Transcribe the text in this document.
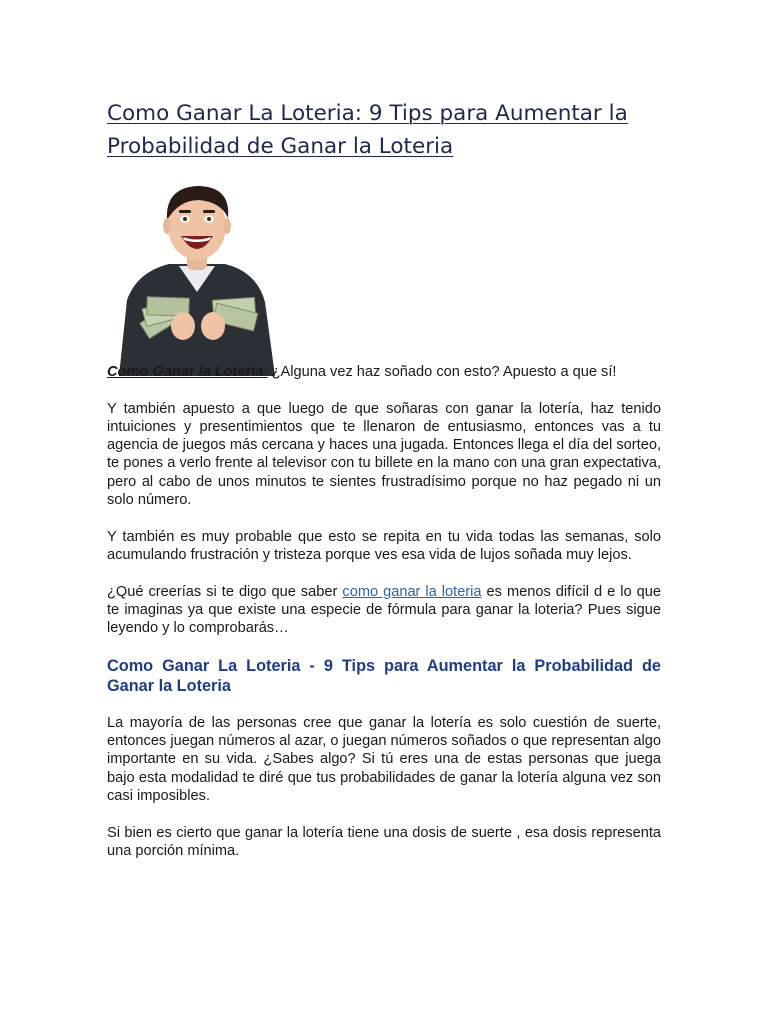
Como Ganar La Loteria: 9 Tips para Aumentar la Probabilidad de Ganar la Loteria

Como Ganar la Loteria: ¿Alguna vez haz soñado con esto? Apuesto a que sí!

Y también apuesto a que luego de que soñaras con ganar la lotería, haz tenido intuiciones y presentimientos que te llenaron de entusiasmo, entonces vas a tu agencia de juegos más cercana y haces una jugada. Entonces llega el día del sorteo, te pones a verlo frente al televisor con tu billete en la mano con una gran expectativa, pero al cabo de unos minutos te sientes frustradísimo porque no haz pegado ni un solo número.

Y también es muy probable que esto se repita en tu vida todas las semanas, solo acumulando frustración y tristeza porque ves esa vida de lujos soñada muy lejos.

¿Qué creerías si te digo que saber como ganar la loteria es menos difícil d e lo que te imaginas ya que existe una especie de fórmula para ganar la loteria? Pues sigue leyendo y lo comprobarás…

Como Ganar La Loteria - 9 Tips para Aumentar la Probabilidad de Ganar la Loteria

La mayoría de las personas cree que ganar la lotería es solo cuestión de suerte, entonces juegan números al azar, o juegan números soñados o que representan algo importante en su vida. ¿Sabes algo? Si tú eres una de estas personas que juega bajo esta modalidad te diré que tus probabilidades de ganar la lotería alguna vez son casi imposibles.

Si bien es cierto que ganar la lotería tiene una dosis de suerte , esa dosis representa una porción mínima.
